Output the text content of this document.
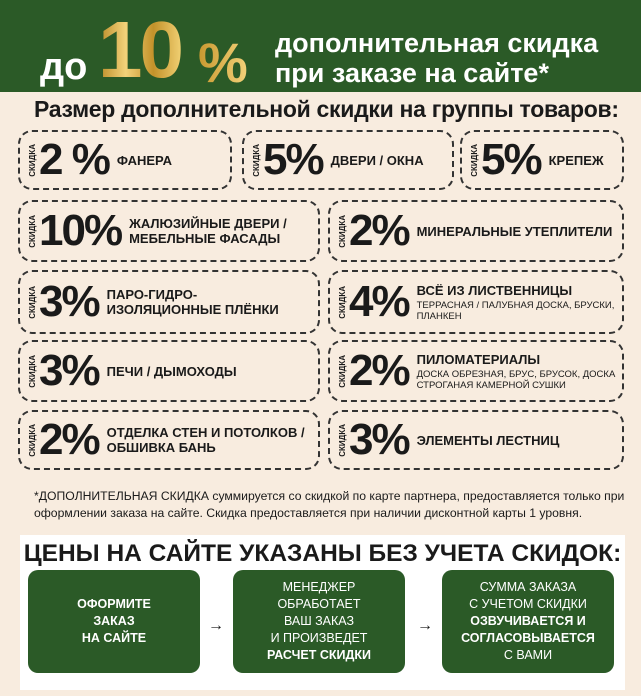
до 10 % дополнительная скидка
при заказе на сайте*
Размер дополнительной скидки на группы товаров:
СКИДКА 2 % ФАНЕРА	СКИДКА 5% ДВЕРИ / ОКНА	СКИДКА 5% КРЕПЕЖ
СКИДКА 10% ЖАЛЮЗИЙНЫЕ ДВЕРИ / МЕБЕЛЬНЫЕ ФАСАДЫ	СКИДКА 2% МИНЕРАЛЬНЫЕ УТЕПЛИТЕЛИ
СКИДКА 3% ПАРО-ГИДРО- ИЗОЛЯЦИОННЫЕ ПЛЁНКИ	СКИДКА 4% ВСЁ ИЗ ЛИСТВЕННИЦЫ
ТЕРРАСНАЯ / ПАЛУБНАЯ ДОСКА, БРУСКИ, ПЛАНКЕН
СКИДКА 3% ПЕЧИ / ДЫМОХОДЫ	СКИДКА 2% ПИЛОМАТЕРИАЛЫ
ДОСКА ОБРЕЗНАЯ, БРУС, БРУСОК, ДОСКА СТРОГАНАЯ КАМЕРНОЙ СУШКИ
СКИДКА 2% ОТДЕЛКА СТЕН И ПОТОЛКОВ / ОБШИВКА БАНЬ	СКИДКА 3% ЭЛЕМЕНТЫ ЛЕСТНИЦ
*ДОПОЛНИТЕЛЬНАЯ СКИДКА суммируется со скидкой по карте партнера, предоставляется только при оформлении заказа на сайте. Скидка предоставляется при наличии дисконтной карты 1 уровня.
ЦЕНЫ НА САЙТЕ УКАЗАНЫ БЕЗ УЧЕТА СКИДОК:
ОФОРМИТЕ
ЗАКАЗ
НА САЙТЕ
→
МЕНЕДЖЕР
ОБРАБОТАЕТ
ВАШ ЗАКАЗ
И ПРОИЗВЕДЕТ
РАСЧЕТ СКИДКИ
→
СУММА ЗАКАЗА
С УЧЕТОМ СКИДКИ
ОЗВУЧИВАЕТСЯ И
СОГЛАСОВЫВАЕТСЯ
С ВАМИ
